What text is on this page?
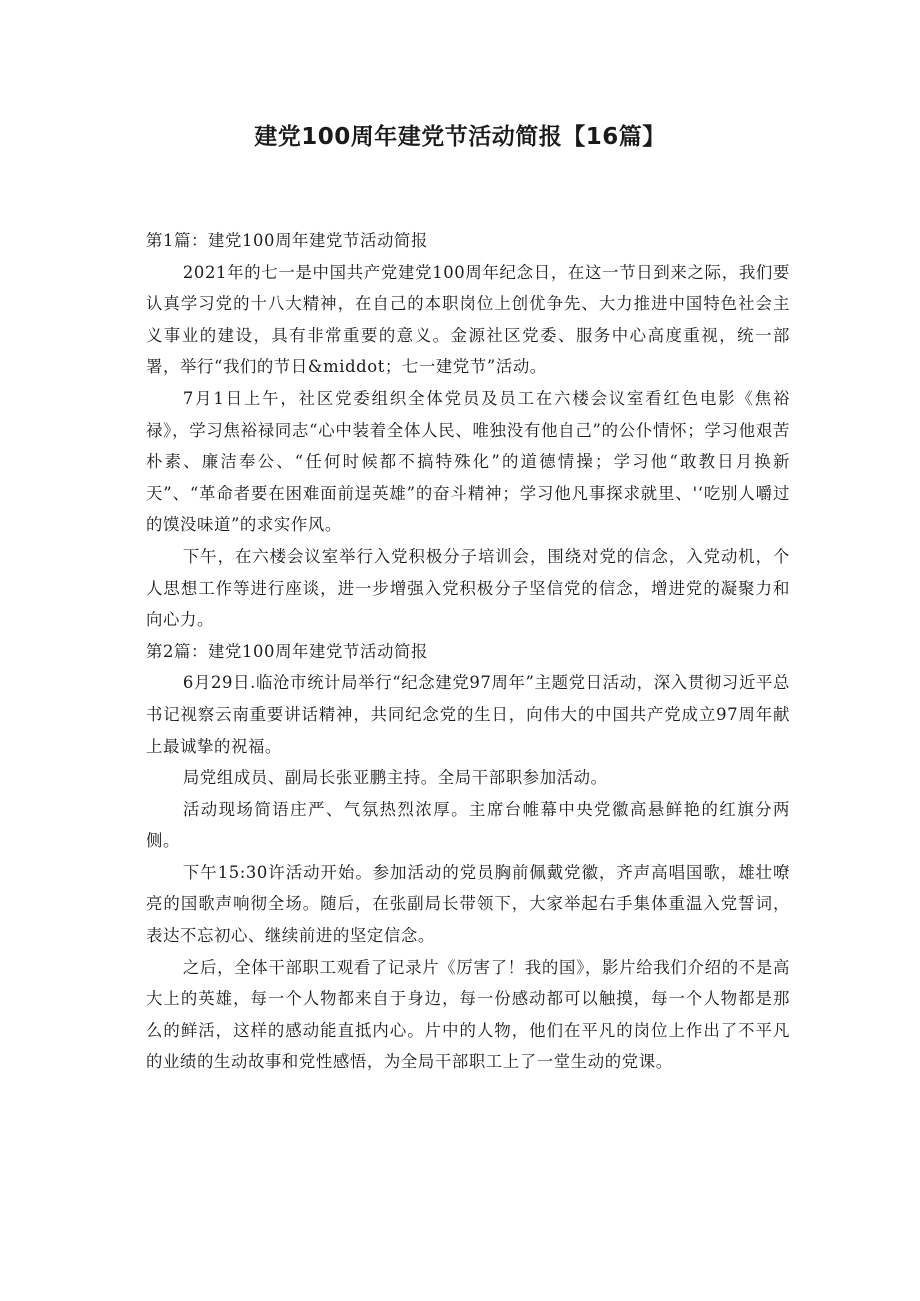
建党100周年建党节活动简报【16篇】

第1篇：建党100周年建党节活动简报

2021年的七一是中国共产党建党100周年纪念日，在这一节日到来之际，我们要认真学习党的十八大精神，在自己的本职岗位上创优争先、大力推进中国特色社会主义事业的建设，具有非常重要的意义。金源社区党委、服务中心高度重视，统一部署，举行“我们的节日&middot；七一建党节”活动。

7月1日上午，社区党委组织全体党员及员工在六楼会议室看红色电影《焦裕禄》，学习焦裕禄同志“心中装着全体人民、唯独没有他自己”的公仆情怀；学习他艰苦朴素、廉洁奉公、“任何时候都不搞特殊化”的道德情操；学习他“敢教日月换新天”、“革命者要在困难面前逞英雄”的奋斗精神；学习他凡事探求就里、'‘吃别人嚼过的馍没味道”的求实作风。

下午，在六楼会议室举行入党积极分子培训会，围绕对党的信念，入党动机，个人思想工作等进行座谈，进一步增强入党积极分子坚信党的信念，增进党的凝聚力和向心力。

第2篇：建党100周年建党节活动简报

6月29日.临沧市统计局举行“纪念建党97周年”主题党日活动，深入贯彻习近平总书记视察云南重要讲话精神，共同纪念党的生日，向伟大的中国共产党成立97周年献上最诚挚的祝福。

局党组成员、副局长张亚鹏主持。全局干部职参加活动。

活动现场简语庄严、气氛热烈浓厚。主席台帷幕中央党徽高悬鲜艳的红旗分两侧。

下午15:30许活动开始。参加活动的党员胸前佩戴党徽，齐声高唱国歌，雄壮嘹亮的国歌声响彻全场。随后，在张副局长带领下，大家举起右手集体重温入党誓词，表达不忘初心、继续前进的坚定信念。

之后，全体干部职工观看了记录片《厉害了！我的国》，影片给我们介绍的不是高大上的英雄，每一个人物都来自于身边，每一份感动都可以触摸，每一个人物都是那么的鲜活，这样的感动能直抵内心。片中的人物，他们在平凡的岗位上作出了不平凡的业绩的生动故事和党性感悟，为全局干部职工上了一堂生动的党课。
